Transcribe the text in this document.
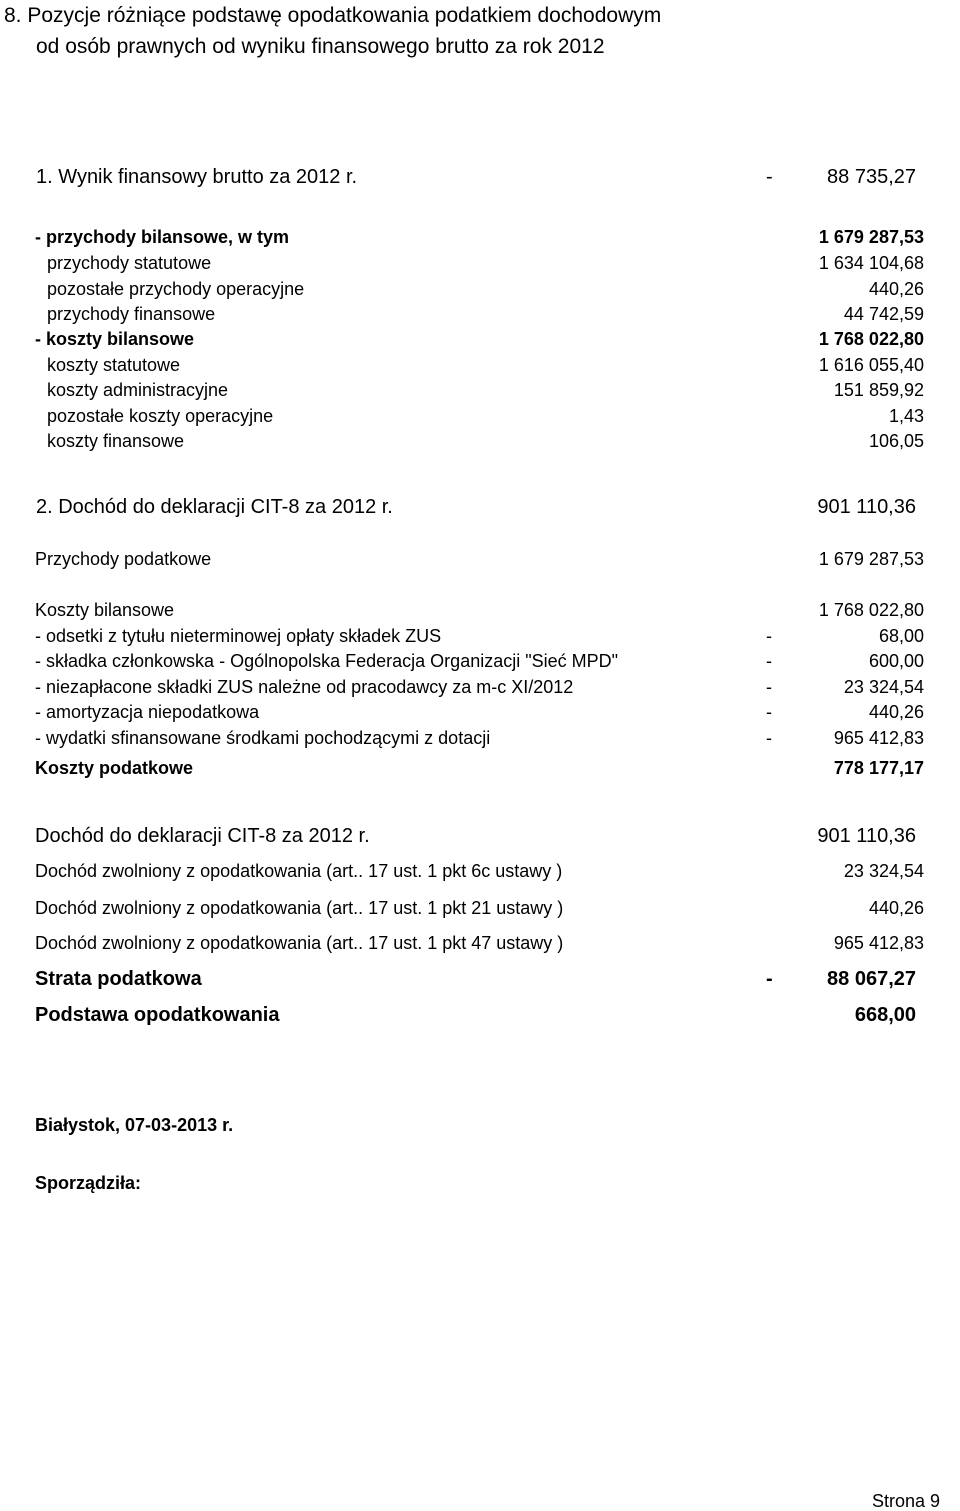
8. Pozycje różniące podstawę opodatkowania podatkiem dochodowym
od osób prawnych od wyniku finansowego brutto za rok 2012
1. Wynik finansowy brutto za 2012 r.	-	88 735,27
- przychody bilansowe, w tym	1 679 287,53
przychody statutowe	1 634 104,68
pozostałe przychody operacyjne	440,26
przychody finansowe	44 742,59
- koszty bilansowe	1 768 022,80
koszty statutowe	1 616 055,40
koszty administracyjne	151 859,92
pozostałe koszty operacyjne	1,43
koszty finansowe	106,05
2. Dochód do deklaracji CIT-8 za 2012 r.	901 110,36
Przychody podatkowe	1 679 287,53
Koszty bilansowe	1 768 022,80
- odsetki z tytułu nieterminowej opłaty składek ZUS	-	68,00
- składka członkowska - Ogólnopolska Federacja Organizacji "Sieć MPD"	-	600,00
- niezapłacone składki ZUS należne od pracodawcy za m-c XI/2012	-	23 324,54
- amortyzacja niepodatkowa	-	440,26
- wydatki sfinansowane środkami pochodzącymi z dotacji	-	965 412,83
Koszty podatkowe	778 177,17
Dochód do deklaracji CIT-8 za 2012 r.	901 110,36
Dochód zwolniony z opodatkowania (art.. 17 ust. 1 pkt 6c ustawy )	23 324,54
Dochód zwolniony z opodatkowania (art.. 17 ust. 1 pkt 21 ustawy )	440,26
Dochód zwolniony z opodatkowania (art.. 17 ust. 1 pkt 47 ustawy )	965 412,83
Strata podatkowa	-	88 067,27
Podstawa opodatkowania	668,00
Białystok, 07-03-2013 r.
Sporządziła:
Strona 9
